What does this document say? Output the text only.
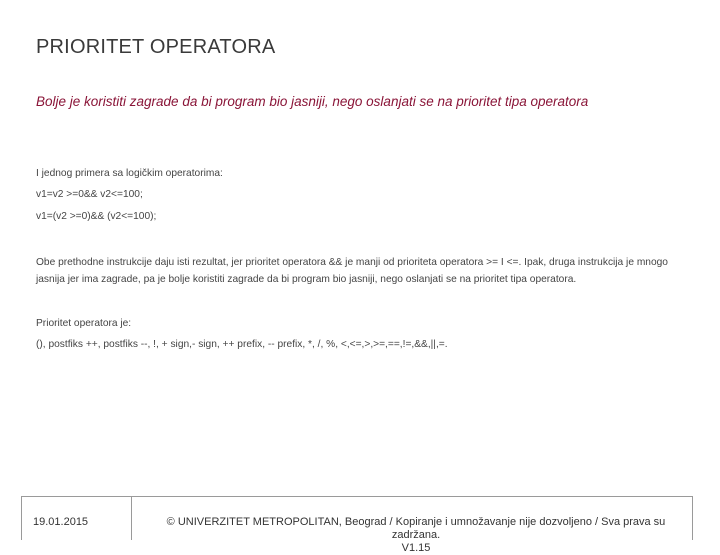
PRIORITET OPERATORA
Bolje je koristiti zagrade da bi program bio jasniji, nego oslanjati se na prioritet tipa operatora

I jednog primera sa logičkim operatorima:

v1=v2 >=0&& v2<=100;

v1=(v2 >=0)&& (v2<=100);

Obe prethodne instrukcije daju isti rezultat, jer prioritet operatora && je manji od prioriteta operatora >= I <=. Ipak, druga instrukcija je mnogo jasnija jer ima zagrade, pa je bolje koristiti zagrade da bi program bio jasniji, nego oslanjati se na prioritet tipa operatora.

Prioritet operatora je:

(), postfiks ++, postfiks --, !, + sign,- sign, ++ prefix, -- prefix, *, /, %, <,<=,>,>=,==,!=,&&,||,=.

19.01.2015	© UNIVERZITET METROPOLITAN, Beograd / Kopiranje i umnožavanje nije dozvoljeno / Sva prava su zadržana.
V1.15
